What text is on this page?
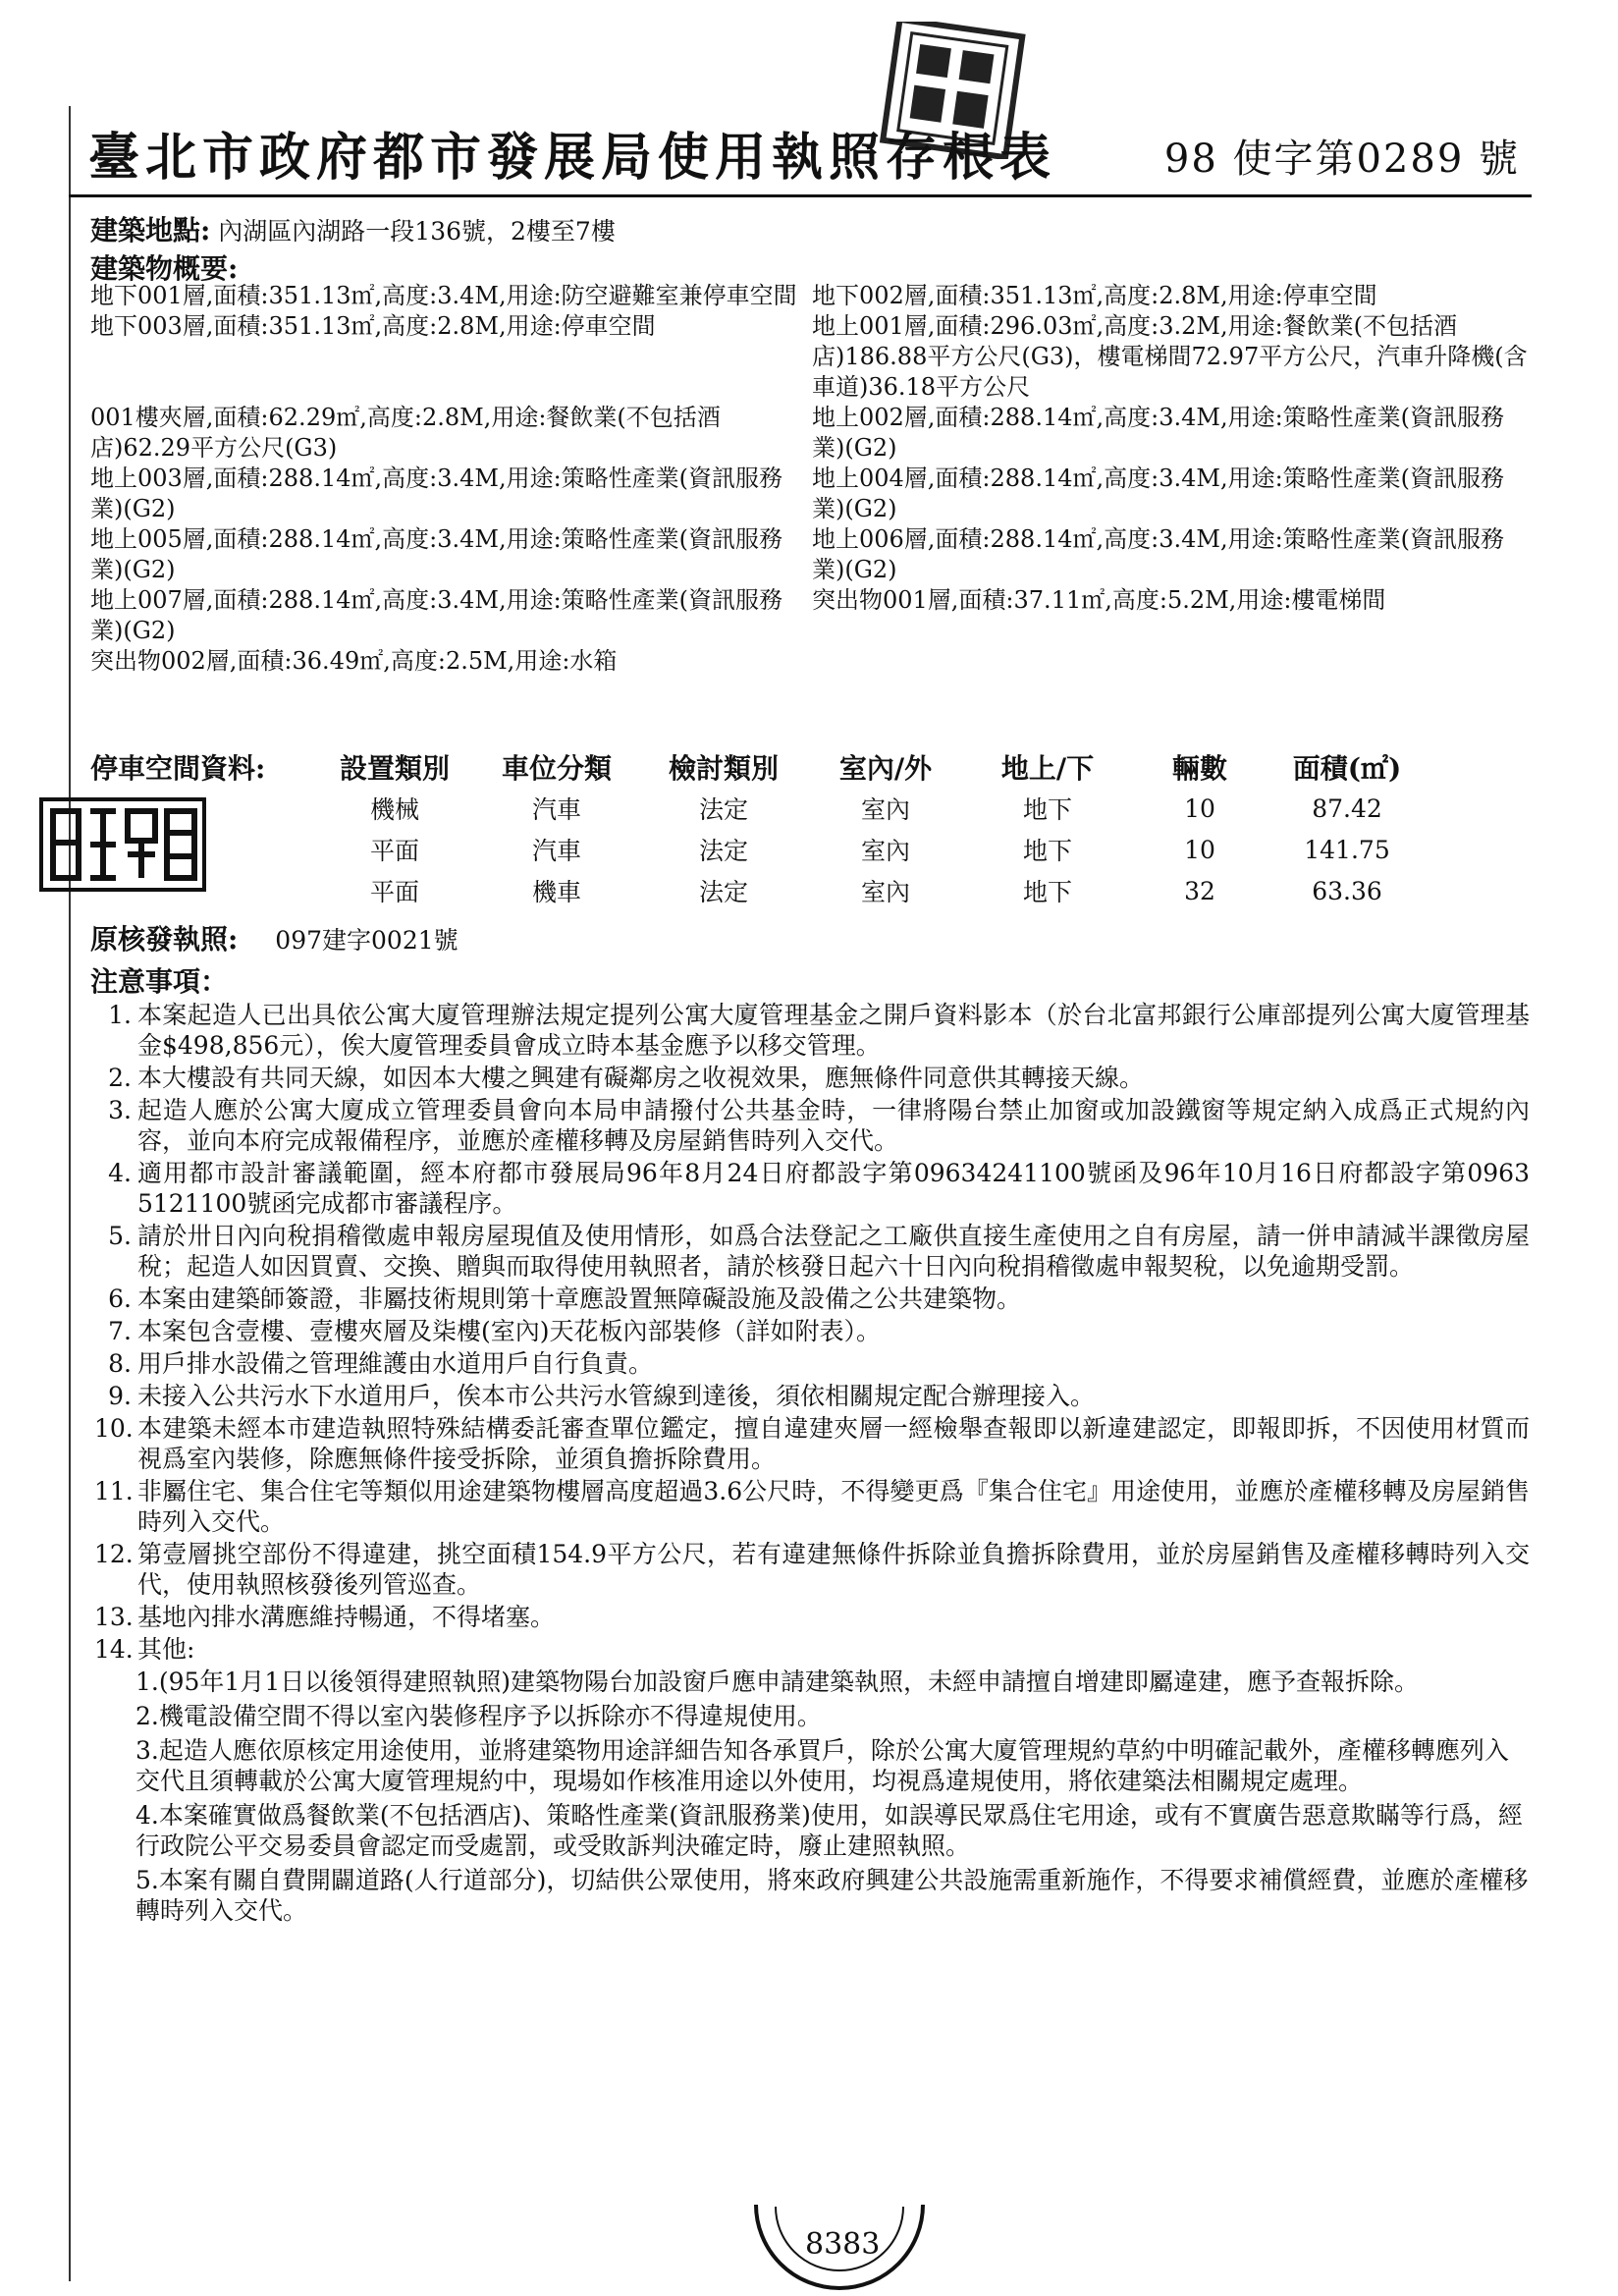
臺北市政府都市發展局使用執照存根表	98 使字第0289 號
建築地點: 內湖區內湖路一段136號，2樓至7樓
建築物概要:
地下001層,面積:351.13㎡,高度:3.4M,用途:防空避難室兼停車空間 地下002層,面積:351.13㎡,高度:2.8M,用途:停車空間
地下003層,面積:351.13㎡,高度:2.8M,用途:停車空間	地上001層,面積:296.03㎡,高度:3.2M,用途:餐飲業(不包括酒店)186.88平方公尺(G3)，樓電梯間72.97平方公尺，汽車升降機(含車道)36.18平方公尺
001樓夾層,面積:62.29㎡,高度:2.8M,用途:餐飲業(不包括酒店)62.29平方公尺(G3)
地上002層,面積:288.14㎡,高度:3.4M,用途:策略性產業(資訊服務業)(G2)
地上003層,面積:288.14㎡,高度:3.4M,用途:策略性產業(資訊服務業)(G2)
地上004層,面積:288.14㎡,高度:3.4M,用途:策略性產業(資訊服務業)(G2)
地上005層,面積:288.14㎡,高度:3.4M,用途:策略性產業(資訊服務業)(G2)
地上006層,面積:288.14㎡,高度:3.4M,用途:策略性產業(資訊服務業)(G2)
地上007層,面積:288.14㎡,高度:3.4M,用途:策略性產業(資訊服務業)(G2)
突出物001層,面積:37.11㎡,高度:5.2M,用途:樓電梯間
突出物002層,面積:36.49㎡,高度:2.5M,用途:水箱
停車空間資料:	設置類別	車位分類	檢討類別	室內/外	地上/下	輛數	面積(㎡)
	機械	汽車	法定	室內	地下	10	87.42
	平面	汽車	法定	室內	地下	10	141.75
	平面	機車	法定	室內	地下	32	63.36
原核發執照: 097建字0021號
注意事項：
1. 本案起造人已出具依公寓大廈管理辦法規定提列公寓大廈管理基金之開戶資料影本（於台北富邦銀行公庫部提列公寓大廈管理基金$498,856元），俟大廈管理委員會成立時本基金應予以移交管理。
2. 本大樓設有共同天線，如因本大樓之興建有礙鄰房之收視效果，應無條件同意供其轉接天線。
3. 起造人應於公寓大廈成立管理委員會向本局申請撥付公共基金時，一律將陽台禁止加窗或加設鐵窗等規定納入成爲正式規約內容，並向本府完成報備程序，並應於產權移轉及房屋銷售時列入交代。
4. 適用都市設計審議範圍，經本府都市發展局96年8月24日府都設字第09634241100號函及96年10月16日府都設字第0963 5121100號函完成都市審議程序。
5. 請於卅日內向稅捐稽徵處申報房屋現值及使用情形，如爲合法登記之工廠供直接生產使用之自有房屋，請一併申請減半課徵房屋稅；起造人如因買賣、交換、贈與而取得使用執照者，請於核發日起六十日內向稅捐稽徵處申報契稅，以免逾期受罰。
6. 本案由建築師簽證，非屬技術規則第十章應設置無障礙設施及設備之公共建築物。
7. 本案包含壹樓、壹樓夾層及柒樓(室內)天花板內部裝修（詳如附表）。
8. 用戶排水設備之管理維護由水道用戶自行負責。
9. 未接入公共污水下水道用戶，俟本市公共污水管線到達後，須依相關規定配合辦理接入。
10. 本建築未經本市建造執照特殊結構委託審查單位鑑定，擅自違建夾層一經檢舉查報即以新違建認定，即報即拆，不因使用材質而視爲室內裝修，除應無條件接受拆除，並須負擔拆除費用。
11. 非屬住宅、集合住宅等類似用途建築物樓層高度超過3.6公尺時，不得變更爲『集合住宅』用途使用，並應於產權移轉及房屋銷售時列入交代。
12. 第壹層挑空部份不得違建，挑空面積154.9平方公尺，若有違建無條件拆除並負擔拆除費用，並於房屋銷售及產權移轉時列入交代，使用執照核發後列管巡查。
13. 基地內排水溝應維持暢通，不得堵塞。
14. 其他:
1.(95年1月1日以後領得建照執照)建築物陽台加設窗戶應申請建築執照，未經申請擅自增建即屬違建，應予查報拆除。
2.機電設備空間不得以室內裝修程序予以拆除亦不得違規使用。
3.起造人應依原核定用途使用，並將建築物用途詳細告知各承買戶，除於公寓大廈管理規約草約中明確記載外，產權移轉應列入交代且須轉載於公寓大廈管理規約中，現場如作核准用途以外使用，均視爲違規使用，將依建築法相關規定處理。
4.本案確實做爲餐飲業(不包括酒店)、策略性產業(資訊服務業)使用，如誤導民眾爲住宅用途，或有不實廣告惡意欺瞞等行爲，經行政院公平交易委員會認定而受處罰，或受敗訴判決確定時，廢止建照執照。
5.本案有關自費開闢道路(人行道部分)，切結供公眾使用，將來政府興建公共設施需重新施作，不得要求補償經費，並應於產權移轉時列入交代。
8383
